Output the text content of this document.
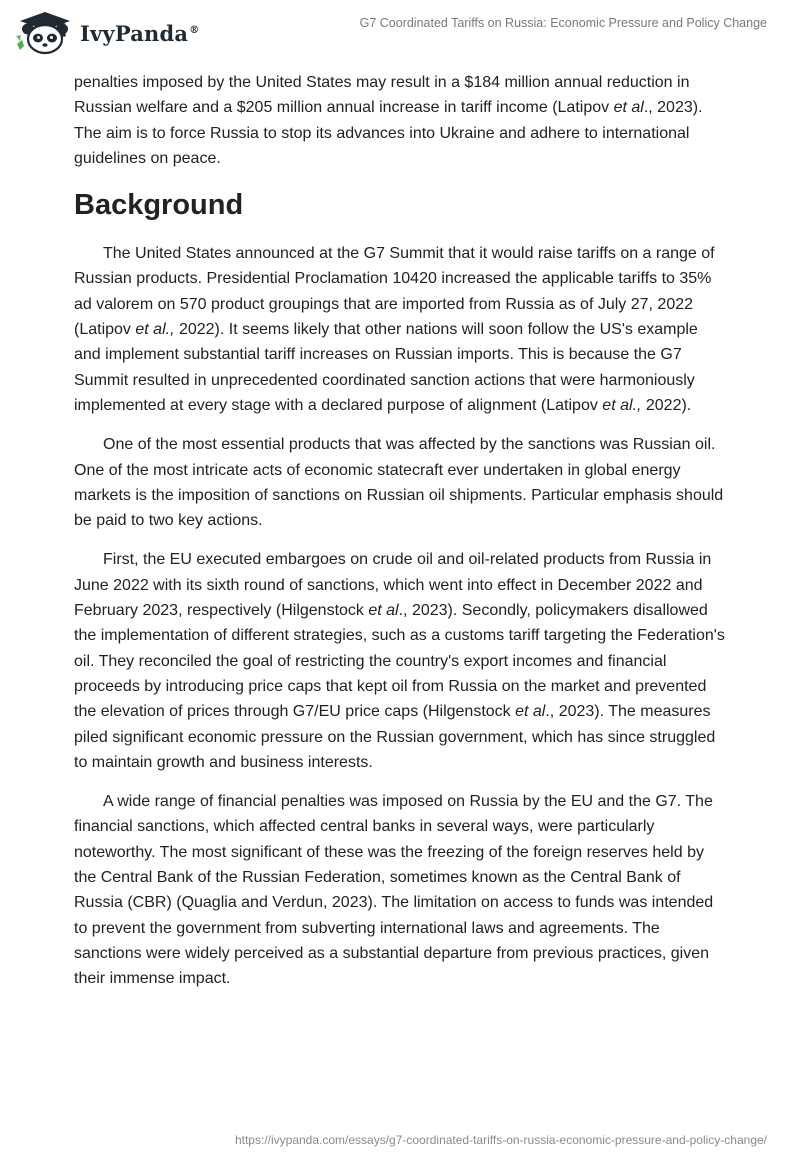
IvyPanda®	G7 Coordinated Tariffs on Russia: Economic Pressure and Policy Change

penalties imposed by the United States may result in a $184 million annual reduction in Russian welfare and a $205 million annual increase in tariff income (Latipov et al., 2023). The aim is to force Russia to stop its advances into Ukraine and adhere to international guidelines on peace.

Background

The United States announced at the G7 Summit that it would raise tariffs on a range of Russian products. Presidential Proclamation 10420 increased the applicable tariffs to 35% ad valorem on 570 product groupings that are imported from Russia as of July 27, 2022 (Latipov et al., 2022). It seems likely that other nations will soon follow the US's example and implement substantial tariff increases on Russian imports. This is because the G7 Summit resulted in unprecedented coordinated sanction actions that were harmoniously implemented at every stage with a declared purpose of alignment (Latipov et al., 2022).

One of the most essential products that was affected by the sanctions was Russian oil. One of the most intricate acts of economic statecraft ever undertaken in global energy markets is the imposition of sanctions on Russian oil shipments. Particular emphasis should be paid to two key actions.

First, the EU executed embargoes on crude oil and oil-related products from Russia in June 2022 with its sixth round of sanctions, which went into effect in December 2022 and February 2023, respectively (Hilgenstock et al., 2023). Secondly, policymakers disallowed the implementation of different strategies, such as a customs tariff targeting the Federation's oil. They reconciled the goal of restricting the country's export incomes and financial proceeds by introducing price caps that kept oil from Russia on the market and prevented the elevation of prices through G7/EU price caps (Hilgenstock et al., 2023). The measures piled significant economic pressure on the Russian government, which has since struggled to maintain growth and business interests.

A wide range of financial penalties was imposed on Russia by the EU and the G7. The financial sanctions, which affected central banks in several ways, were particularly noteworthy. The most significant of these was the freezing of the foreign reserves held by the Central Bank of the Russian Federation, sometimes known as the Central Bank of Russia (CBR) (Quaglia and Verdun, 2023). The limitation on access to funds was intended to prevent the government from subverting international laws and agreements. The sanctions were widely perceived as a substantial departure from previous practices, given their immense impact.

https://ivypanda.com/essays/g7-coordinated-tariffs-on-russia-economic-pressure-and-policy-change/
